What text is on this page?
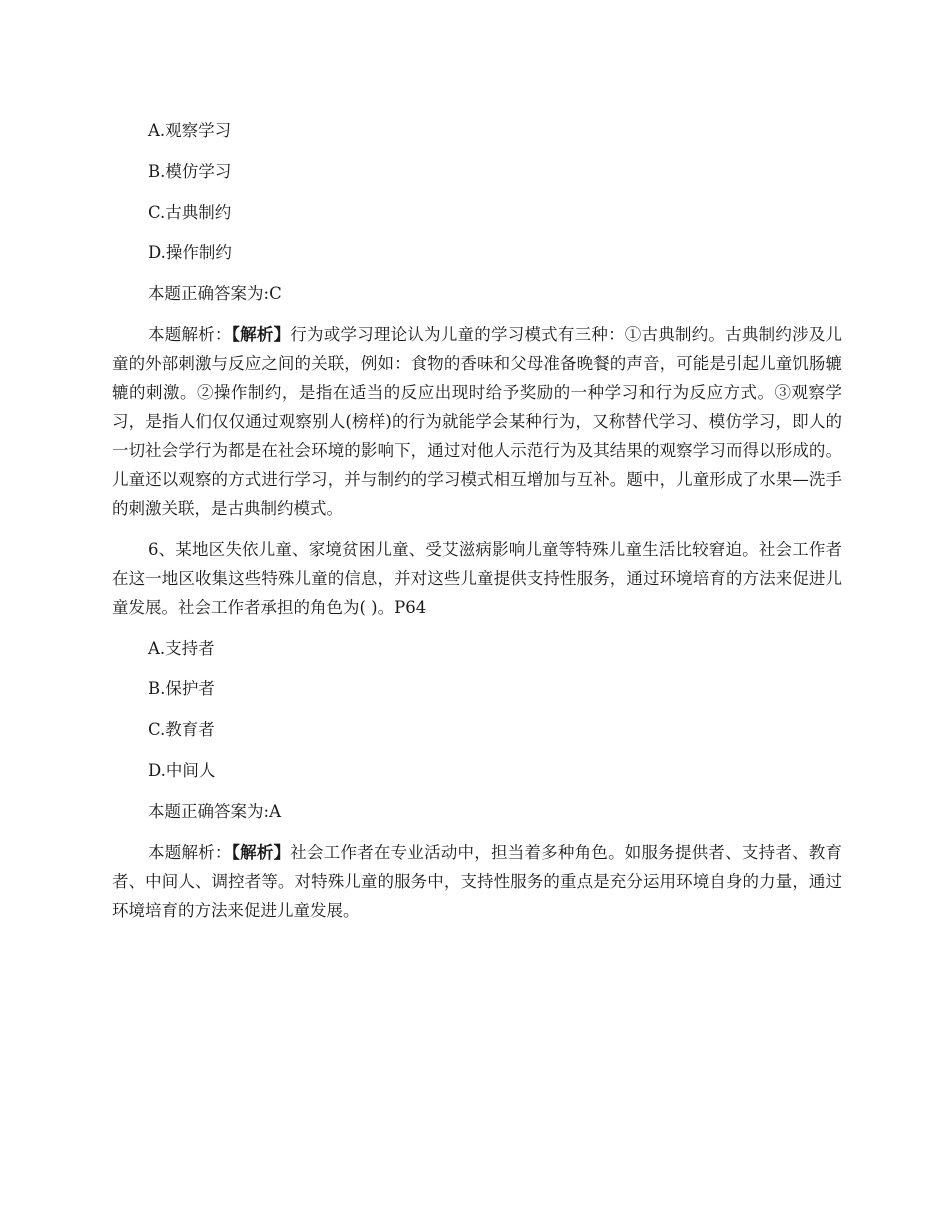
A.观察学习
B.模仿学习
C.古典制约
D.操作制约
本题正确答案为:C
本题解析：【解析】行为或学习理论认为儿童的学习模式有三种：①古典制约。古典制约涉及儿童的外部刺激与反应之间的关联，例如：食物的香味和父母准备晚餐的声音，可能是引起儿童饥肠辘辘的刺激。②操作制约，是指在适当的反应出现时给予奖励的一种学习和行为反应方式。③观察学习，是指人们仅仅通过观察别人(榜样)的行为就能学会某种行为，又称替代学习、模仿学习，即人的一切社会学行为都是在社会环境的影响下，通过对他人示范行为及其结果的观察学习而得以形成的。儿童还以观察的方式进行学习，并与制约的学习模式相互增加与互补。题中，儿童形成了水果—洗手的刺激关联，是古典制约模式。
6、某地区失依儿童、家境贫困儿童、受艾滋病影响儿童等特殊儿童生活比较窘迫。社会工作者在这一地区收集这些特殊儿童的信息，并对这些儿童提供支持性服务，通过环境培育的方法来促进儿童发展。社会工作者承担的角色为( )。P64
A.支持者
B.保护者
C.教育者
D.中间人
本题正确答案为:A
本题解析：【解析】社会工作者在专业活动中，担当着多种角色。如服务提供者、支持者、教育者、中间人、调控者等。对特殊儿童的服务中，支持性服务的重点是充分运用环境自身的力量，通过环境培育的方法来促进儿童发展。
